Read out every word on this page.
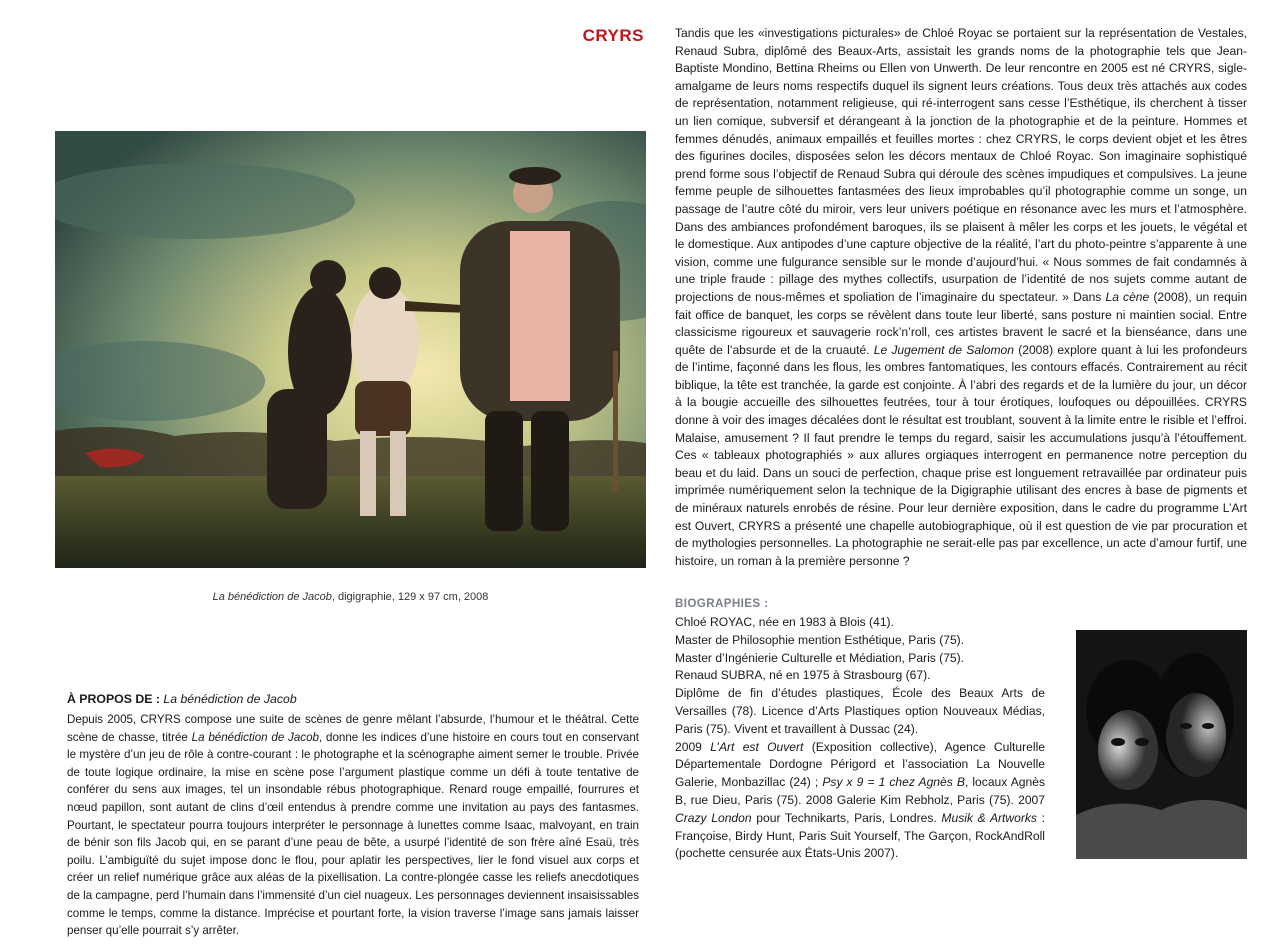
CRYRS	Tandis que les «investigations picturales» de Chloé Royac se portaient sur la représentation de Vestales, Renaud Subra, diplômé des Beaux-Arts, assistait les grands noms de la photographie tels que Jean-Baptiste Mondino, Bettina Rheims ou Ellen von Unwerth. De leur rencontre en 2005 est né CRYRS, sigle-amalgame de leurs noms respectifs duquel ils signent leurs créations. Tous deux très attachés aux codes de représentation, notamment religieuse, qui ré-interrogent sans cesse l’Esthétique, ils cherchent à tisser un lien comique, subversif et dérangeant à la jonction de la photographie et de la peinture. Hommes et femmes dénudés, animaux empaillés et feuilles mortes : chez CRYRS, le corps devient objet et les êtres des figurines dociles, disposées selon les décors mentaux de Chloé Royac. Son imaginaire sophistiqué prend forme sous l’objectif de Renaud Subra qui déroule des scènes impudiques et compulsives. La jeune femme peuple de silhouettes fantasmées des lieux improbables qu’il photographie comme un songe, un passage de l’autre côté du miroir, vers leur univers poétique en résonance avec les murs et l’atmosphère. Dans des ambiances profondément baroques, ils se plaisent à mêler les corps et les jouets, le végétal et le domestique. Aux antipodes d’une capture objective de la réalité, l’art du photo-peintre s’apparente à une vision, comme une fulgurance sensible sur le monde d’aujourd’hui. « Nous sommes de fait condamnés à une triple fraude : pillage des mythes collectifs, usurpation de l’identité de nos sujets comme autant de projections de nous-mêmes et spoliation de l’imaginaire du spectateur. » Dans La cène (2008), un requin fait office de banquet, les corps se révèlent dans toute leur liberté, sans posture ni maintien social. Entre classicisme rigoureux et sauvagerie rock’n’roll, ces artistes bravent le sacré et la bienséance, dans une quête de l’absurde et de la cruauté. Le Jugement de Salomon (2008) explore quant à lui les profondeurs de l’intime, façonné dans les flous, les ombres fantomatiques, les contours effacés. Contrairement au récit biblique, la tête est tranchée, la garde est conjointe. À l’abri des regards et de la lumière du jour, un décor à la bougie accueille des silhouettes feutrées, tour à tour érotiques, loufoques ou dépouillées. CRYRS donne à voir des images décalées dont le résultat est troublant, souvent à la limite entre le risible et l’effroi. Malaise, amusement ? Il faut prendre le temps du regard, saisir les accumulations jusqu’à l’étouffement. Ces « tableaux photographiés » aux allures orgiaques interrogent en permanence notre perception du beau et du laid. Dans un souci de perfection, chaque prise est longuement retravaillée par ordinateur puis imprimée numériquement selon la technique de la Digigraphie utilisant des encres à base de pigments et de minéraux naturels enrobés de résine. Pour leur dernière exposition, dans le cadre du programme L’Art est Ouvert, CRYRS a présenté une chapelle autobiographique, où il est question de vie par procuration et de mythologies personnelles. La photographie ne serait-elle pas par excellence, un acte d’amour furtif, une histoire, un roman à la première personne ?

La bénédiction de Jacob, digigraphie, 129 x 97 cm, 2008
À PROPOS DE : La bénédiction de Jacob

Depuis 2005, CRYRS compose une suite de scènes de genre mêlant l’absurde, l’humour et le théâtral. Cette scène de chasse, titrée La bénédiction de Jacob, donne les indices d’une histoire en cours tout en conservant le mystère d’un jeu de rôle à contre-courant : le photographe et la scénographe aiment semer le trouble. Privée de toute logique ordinaire, la mise en scène pose l’argument plastique comme un défi à toute tentative de conférer du sens aux images, tel un insondable rébus photographique. Renard rouge empaillé, fourrures et nœud papillon, sont autant de clins d’œil entendus à prendre comme une invitation au pays des fantasmes. Pourtant, le spectateur pourra toujours interpréter le personnage à lunettes comme Isaac, malvoyant, en train de bénir son fils Jacob qui, en se parant d’une peau de bête, a usurpé l’identité de son frère aîné Esaü, très poilu. L’ambiguïté du sujet impose donc le flou, pour aplatir les perspectives, lier le fond visuel aux corps et créer un relief numérique grâce aux aléas de la pixellisation. La contre-plongée casse les reliefs anecdotiques de la campagne, perd l’humain dans l’immensité d’un ciel nuageux. Les personnages deviennent insaisissables comme le temps, comme la distance. Imprécise et pourtant forte, la vision traverse l’image sans jamais laisser penser qu’elle pourrait s’y arrêter.

BIOGRAPHIES :

Chloé ROYAC, née en 1983 à Blois (41).

Master de Philosophie mention Esthétique, Paris (75).

Master d’Ingénierie Culturelle et Médiation, Paris (75).

Renaud SUBRA, né en 1975 à Strasbourg (67).

Diplôme de fin d’études plastiques, École des Beaux Arts de Versailles (78). Licence d’Arts Plastiques option Nouveaux Médias, Paris (75). Vivent et travaillent à Dussac (24).

2009 L’Art est Ouvert (Exposition collective), Agence Culturelle Départementale Dordogne Périgord et l’association La Nouvelle Galerie, Monbazillac (24) ; Psy x 9 = 1 chez Agnès B, locaux Agnès B, rue Dieu, Paris (75). 2008 Galerie Kim Rebholz, Paris (75). 2007 Crazy London pour Technikarts, Paris, Londres. Musik & Artworks : Françoise, Birdy Hunt, Paris Suit Yourself, The Garçon, RockAndRoll (pochette censurée aux États-Unis 2007).
